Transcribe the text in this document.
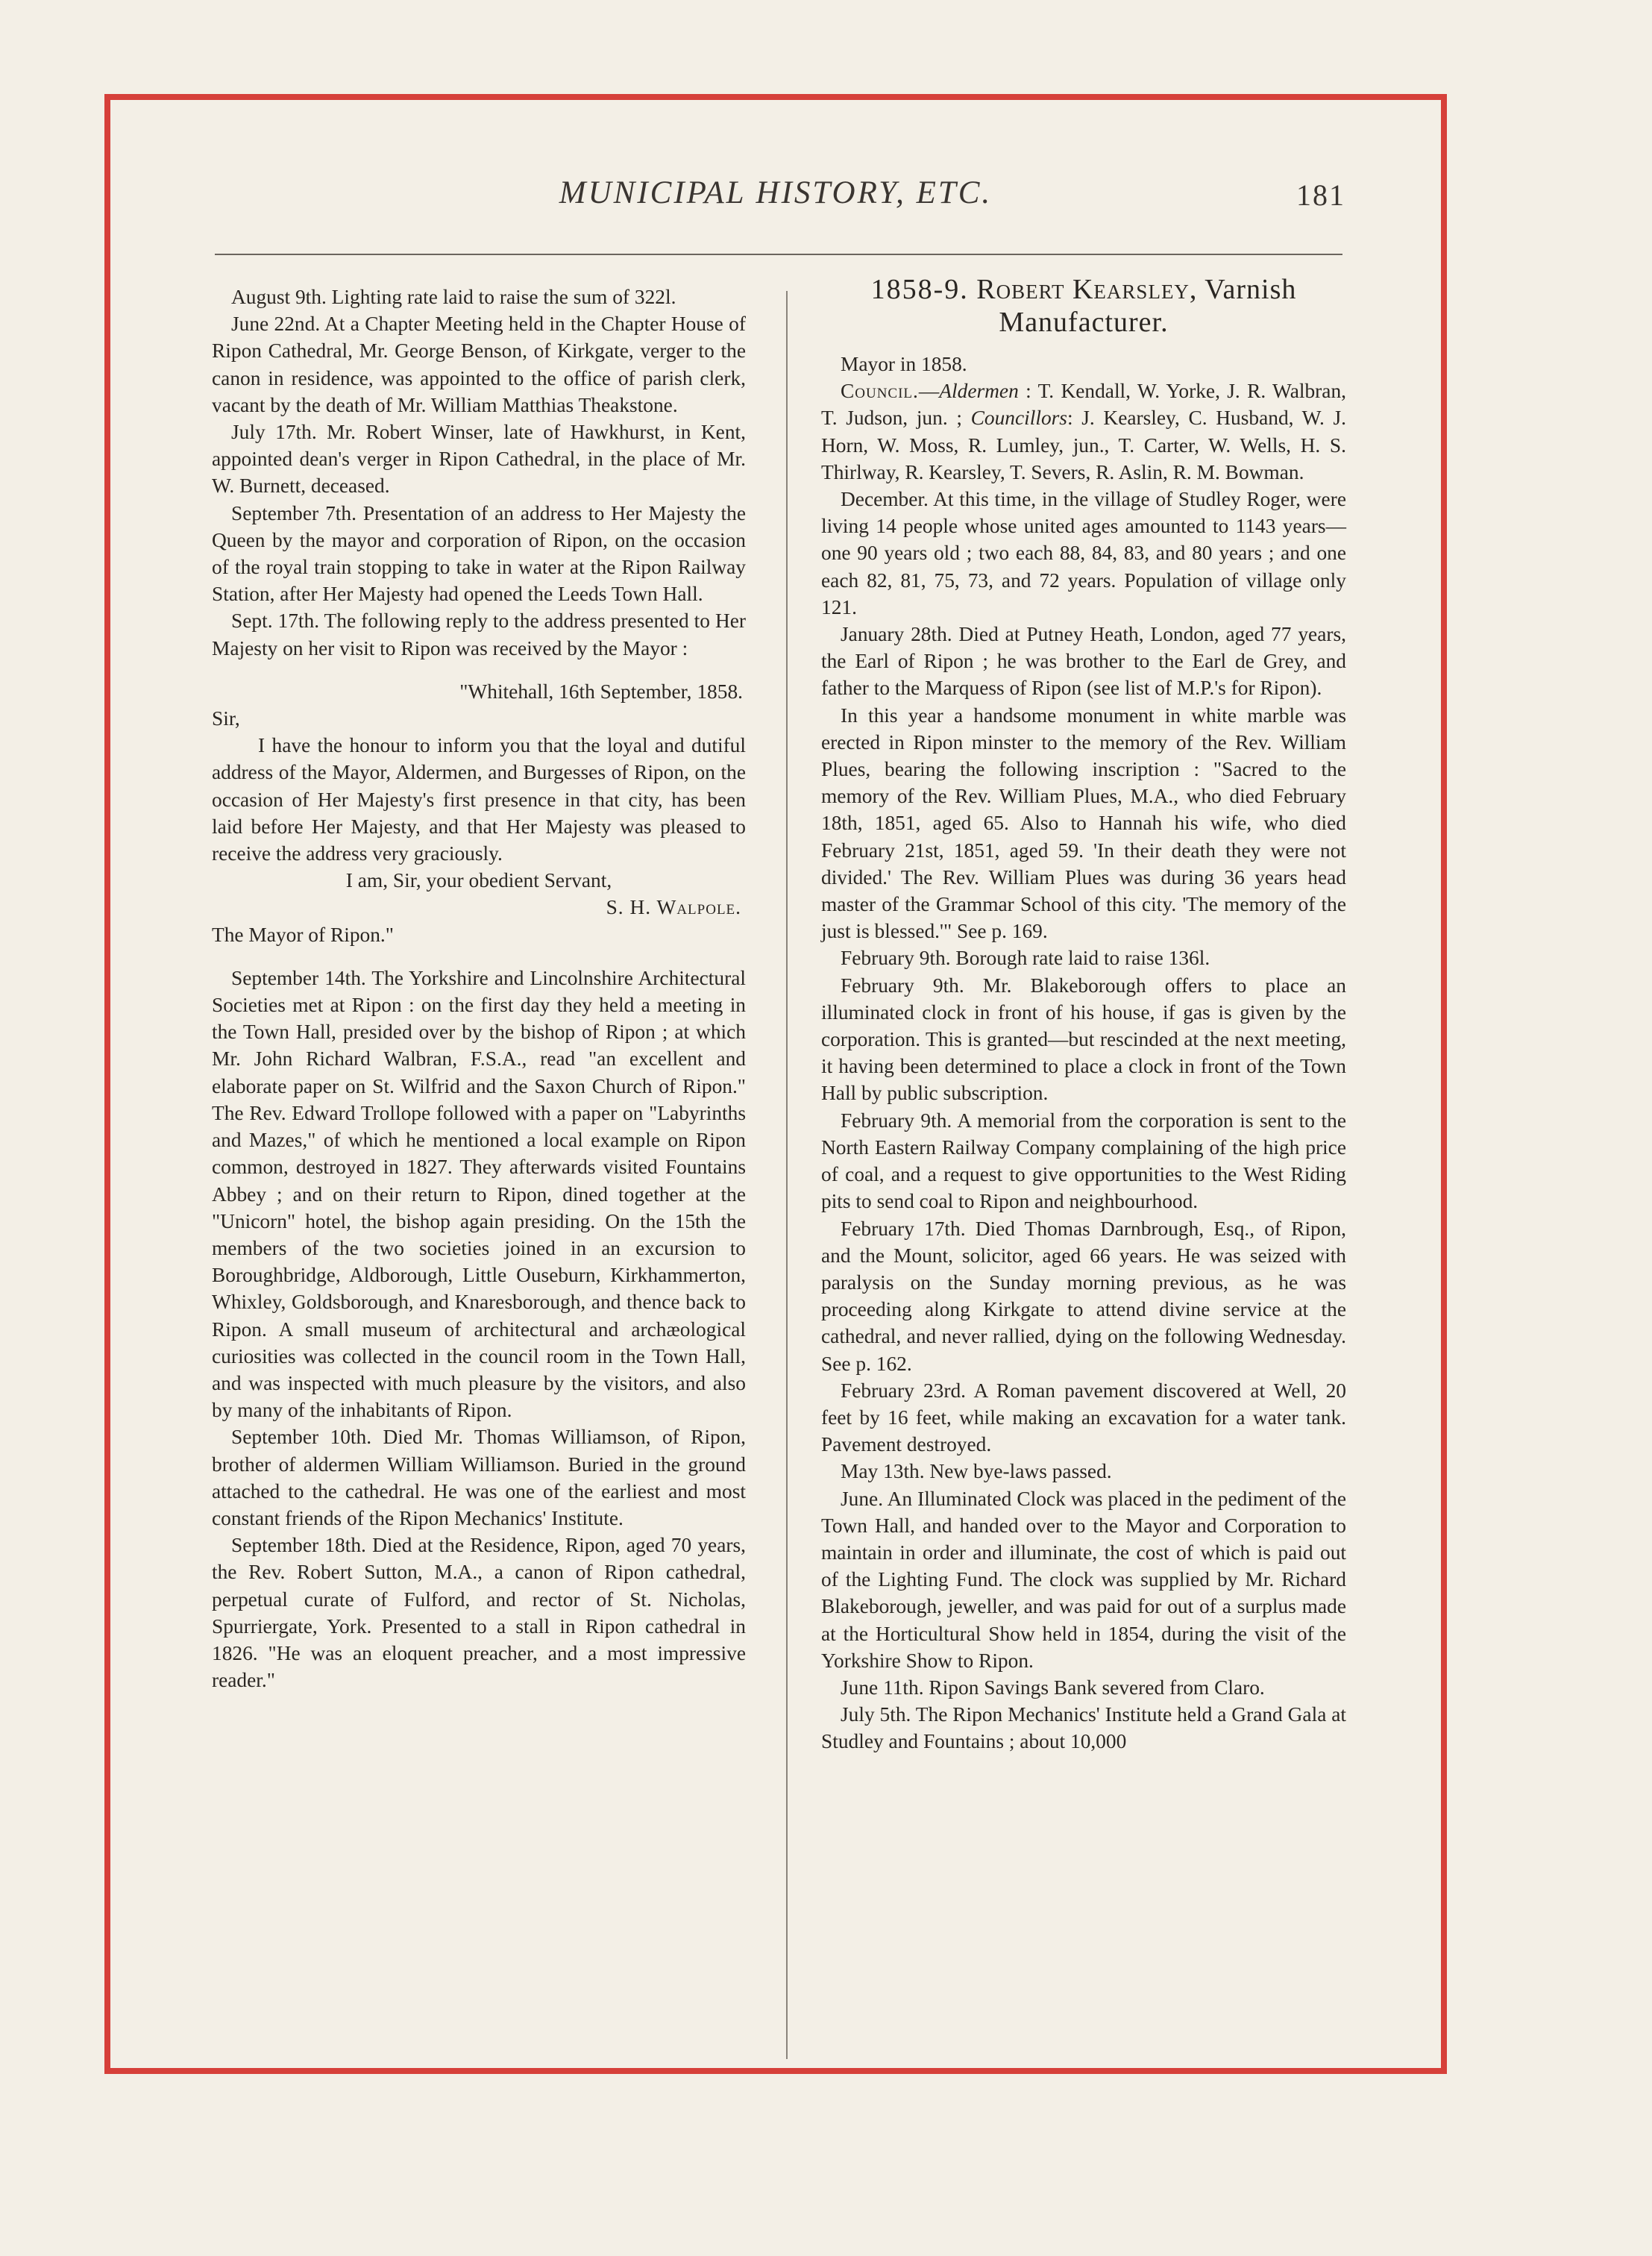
MUNICIPAL HISTORY, ETC.	181

August 9th. Lighting rate laid to raise the sum of 322l.

June 22nd. At a Chapter Meeting held in the Chapter House of Ripon Cathedral, Mr. George Benson, of Kirkgate, verger to the canon in residence, was appointed to the office of parish clerk, vacant by the death of Mr. William Matthias Theakstone.

July 17th. Mr. Robert Winser, late of Hawkhurst, in Kent, appointed dean's verger in Ripon Cathedral, in the place of Mr. W. Burnett, deceased.

September 7th. Presentation of an address to Her Majesty the Queen by the mayor and corporation of Ripon, on the occasion of the royal train stopping to take in water at the Ripon Railway Station, after Her Majesty had opened the Leeds Town Hall.

Sept. 17th. The following reply to the address presented to Her Majesty on her visit to Ripon was received by the Mayor :

"Whitehall, 16th September, 1858.

Sir,

I have the honour to inform you that the loyal and dutiful address of the Mayor, Aldermen, and Burgesses of Ripon, on the occasion of Her Majesty's first presence in that city, has been laid before Her Majesty, and that Her Majesty was pleased to receive the address very graciously.

I am, Sir, your obedient Servant,

S. H. Walpole.

The Mayor of Ripon."

September 14th. The Yorkshire and Lincolnshire Architectural Societies met at Ripon : on the first day they held a meeting in the Town Hall, presided over by the bishop of Ripon ; at which Mr. John Richard Walbran, F.S.A., read "an excellent and elaborate paper on St. Wilfrid and the Saxon Church of Ripon." The Rev. Edward Trollope followed with a paper on "Labyrinths and Mazes," of which he mentioned a local example on Ripon common, destroyed in 1827. They afterwards visited Fountains Abbey ; and on their return to Ripon, dined together at the "Unicorn" hotel, the bishop again presiding. On the 15th the members of the two societies joined in an excursion to Boroughbridge, Aldborough, Little Ouseburn, Kirkhammerton, Whixley, Goldsborough, and Knaresborough, and thence back to Ripon. A small museum of architectural and archæological curiosities was collected in the council room in the Town Hall, and was inspected with much pleasure by the visitors, and also by many of the inhabitants of Ripon.

September 10th. Died Mr. Thomas Williamson, of Ripon, brother of aldermen William Williamson. Buried in the ground attached to the cathedral. He was one of the earliest and most constant friends of the Ripon Mechanics' Institute.

September 18th. Died at the Residence, Ripon, aged 70 years, the Rev. Robert Sutton, M.A., a canon of Ripon cathedral, perpetual curate of Fulford, and rector of St. Nicholas, Spurriergate, York. Presented to a stall in Ripon cathedral in 1826. "He was an eloquent preacher, and a most impressive reader."

1858-9. Robert Kearsley, Varnish Manufacturer.

Mayor in 1858.

Council.—Aldermen : T. Kendall, W. Yorke, J. R. Walbran, T. Judson, jun. ; Councillors: J. Kearsley, C. Husband, W. J. Horn, W. Moss, R. Lumley, jun., T. Carter, W. Wells, H. S. Thirlway, R. Kearsley, T. Severs, R. Aslin, R. M. Bowman.

December. At this time, in the village of Studley Roger, were living 14 people whose united ages amounted to 1143 years—one 90 years old ; two each 88, 84, 83, and 80 years ; and one each 82, 81, 75, 73, and 72 years. Population of village only 121.

January 28th. Died at Putney Heath, London, aged 77 years, the Earl of Ripon ; he was brother to the Earl de Grey, and father to the Marquess of Ripon (see list of M.P.'s for Ripon).

In this year a handsome monument in white marble was erected in Ripon minster to the memory of the Rev. William Plues, bearing the following inscription : "Sacred to the memory of the Rev. William Plues, M.A., who died February 18th, 1851, aged 65. Also to Hannah his wife, who died February 21st, 1851, aged 59. 'In their death they were not divided.' The Rev. William Plues was during 36 years head master of the Grammar School of this city. 'The memory of the just is blessed.'" See p. 169.

February 9th. Borough rate laid to raise 136l.

February 9th. Mr. Blakeborough offers to place an illuminated clock in front of his house, if gas is given by the corporation. This is granted—but rescinded at the next meeting, it having been determined to place a clock in front of the Town Hall by public subscription.

February 9th. A memorial from the corporation is sent to the North Eastern Railway Company complaining of the high price of coal, and a request to give opportunities to the West Riding pits to send coal to Ripon and neighbourhood.

February 17th. Died Thomas Darnbrough, Esq., of Ripon, and the Mount, solicitor, aged 66 years. He was seized with paralysis on the Sunday morning previous, as he was proceeding along Kirkgate to attend divine service at the cathedral, and never rallied, dying on the following Wednesday. See p. 162.

February 23rd. A Roman pavement discovered at Well, 20 feet by 16 feet, while making an excavation for a water tank. Pavement destroyed.

May 13th. New bye-laws passed.

June. An Illuminated Clock was placed in the pediment of the Town Hall, and handed over to the Mayor and Corporation to maintain in order and illuminate, the cost of which is paid out of the Lighting Fund. The clock was supplied by Mr. Richard Blakeborough, jeweller, and was paid for out of a surplus made at the Horticultural Show held in 1854, during the visit of the Yorkshire Show to Ripon.

June 11th. Ripon Savings Bank severed from Claro.

July 5th. The Ripon Mechanics' Institute held a Grand Gala at Studley and Fountains ; about 10,000
